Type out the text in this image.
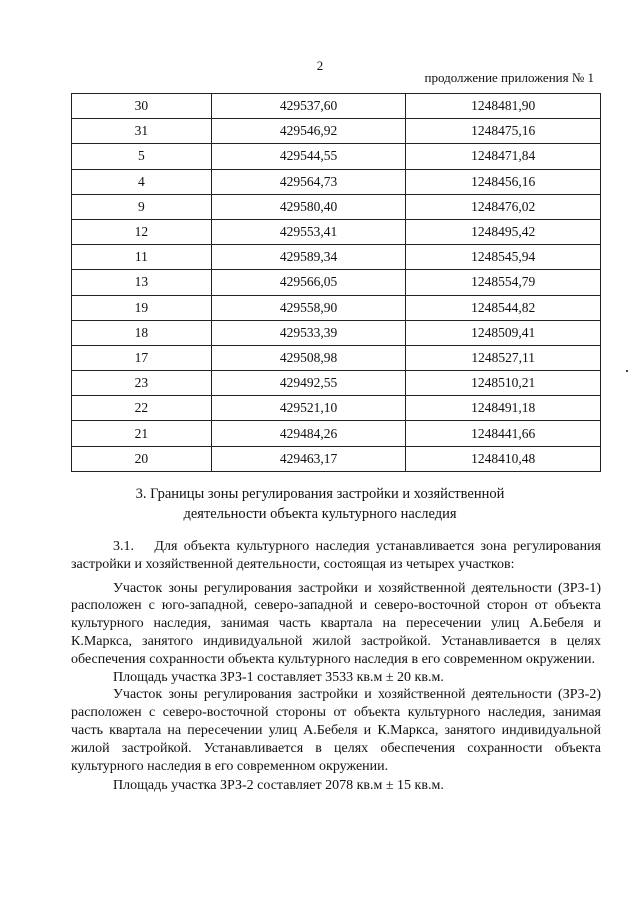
2
продолжение приложения № 1
30	429537,60	1248481,90
31	429546,92	1248475,16
5	429544,55	1248471,84
4	429564,73	1248456,16
9	429580,40	1248476,02
12	429553,41	1248495,42
11	429589,34	1248545,94
13	429566,05	1248554,79
19	429558,90	1248544,82
18	429533,39	1248509,41
17	429508,98	1248527,11
23	429492,55	1248510,21
22	429521,10	1248491,18
21	429484,26	1248441,66
20	429463,17	1248410,48
3. Границы зоны регулирования застройки и хозяйственной
деятельности объекта культурного наследия

3.1.  Для объекта культурного наследия устанавливается зона регулирования застройки и хозяйственной деятельности, состоящая из четырех участков:

Участок зоны регулирования застройки и хозяйственной деятельности (ЗРЗ-1) расположен с юго-западной, северо-западной и северо-восточной сторон от объекта культурного наследия, занимая часть квартала на пересечении улиц А.Бебеля и К.Маркса, занятого индивидуальной жилой застройкой. Устанавливается в целях обеспечения сохранности объекта культурного наследия в его современном окружении.

Площадь участка ЗРЗ-1 составляет 3533 кв.м ± 20 кв.м.

Участок зоны регулирования застройки и хозяйственной деятельности (ЗРЗ-2) расположен с северо-восточной стороны от объекта культурного наследия, занимая часть квартала на пересечении улиц А.Бебеля и К.Маркса, занятого индивидуальной жилой застройкой. Устанавливается в целях обеспечения сохранности объекта культурного наследия в его современном окружении.

Площадь участка ЗРЗ-2 составляет 2078 кв.м ± 15 кв.м.
